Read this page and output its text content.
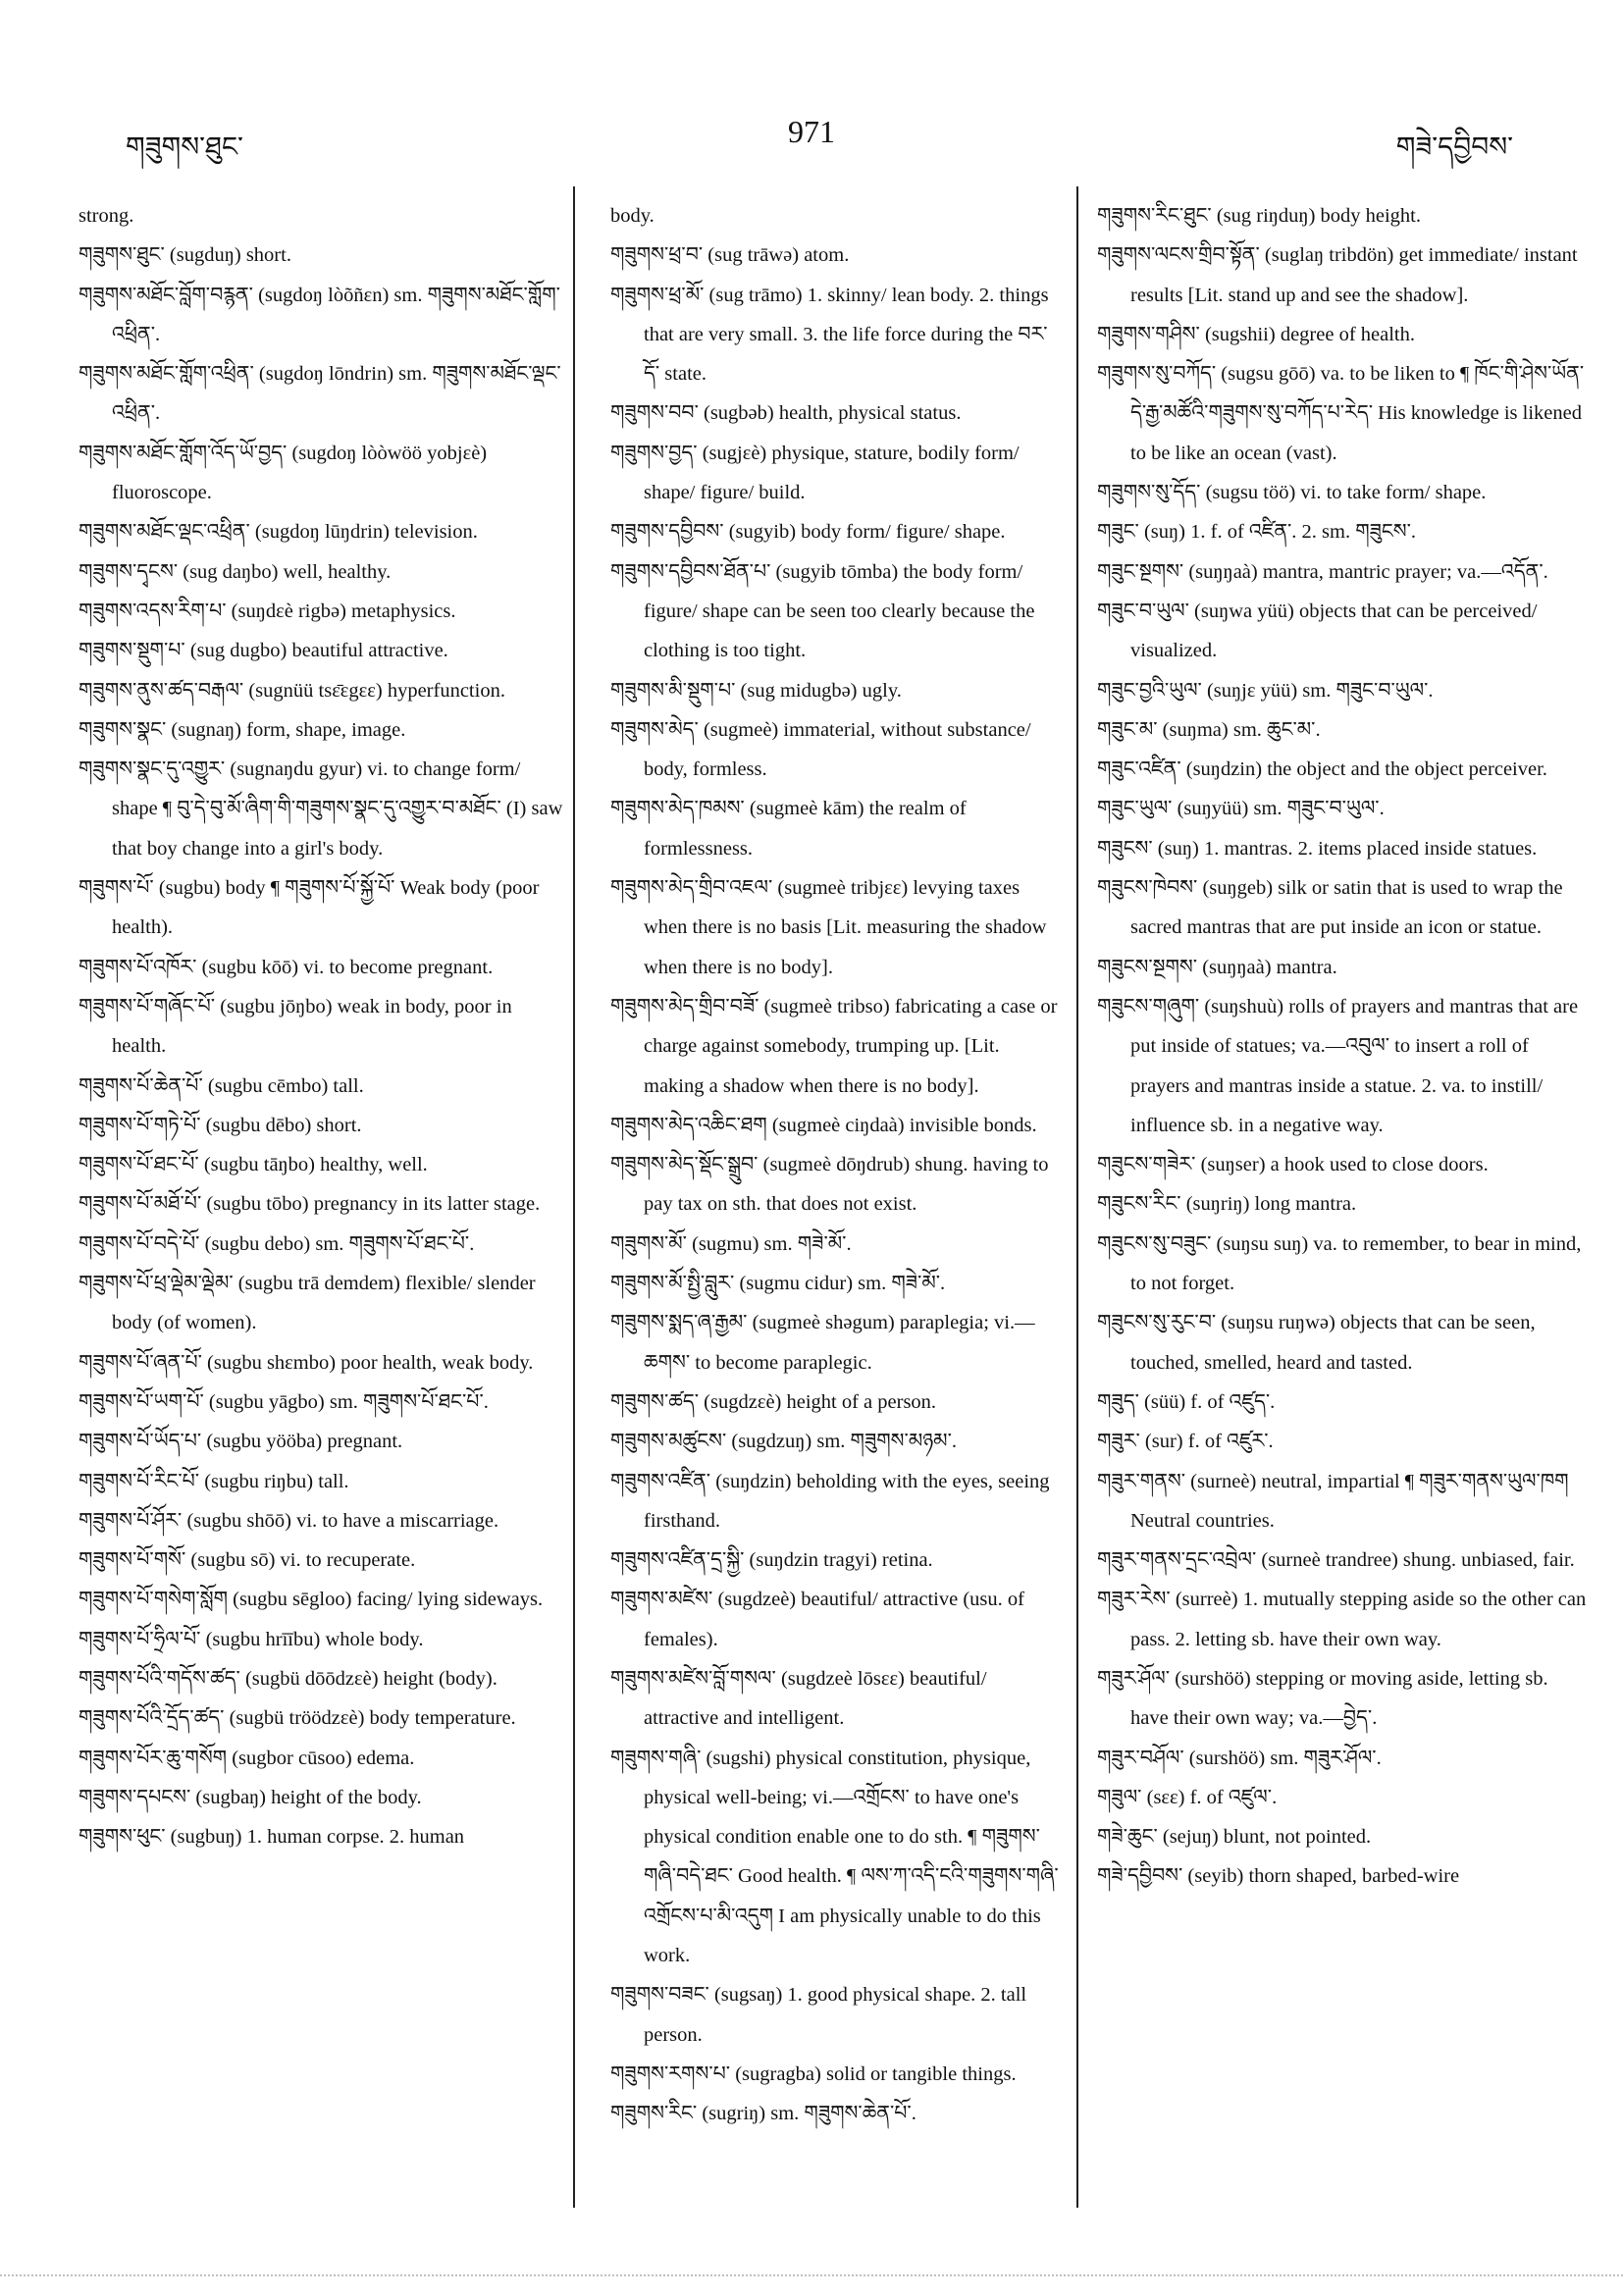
གཟུགས་ཐུང་	971	གཟེ་དབྱིབས་
strong.
གཟུགས་ཐུང་ (sugduŋ) short.
གཟུགས་མཐོང་བློག་བརྙན་ (sugdoŋ lòõñɛn) sm. གཟུགས་མཐོང་གློག་འཕྲིན་.
གཟུགས་མཐོང་གློག་འཕྲིན་ (sugdoŋ lōndrin) sm. གཟུགས་མཐོང་ལྡང་འཕྲིན་.
གཟུགས་མཐོང་གློག་འོད་ཡོ་བྱད་ (sugdoŋ lòòwöö yobjɛè) fluoroscope.
གཟུགས་མཐོང་ལྡང་འཕྲིན་ (sugdoŋ lūŋdrin) television.
གཟུགས་དྭངས་ (sug daŋbo) well, healthy.
གཟུགས་འདས་རིག་པ་ (suŋdɛè rigbə) metaphysics.
གཟུགས་སྡུག་པ་ (sug dugbo) beautiful attractive.
གཟུགས་ནུས་ཚད་བརྒལ་ (sugnüü tsɛ̄ɛgɛɛ) hyperfunction.
གཟུགས་སྣང་ (sugnaŋ) form, shape, image.
གཟུགས་སྣང་དུ་འགྱུར་ (sugnaŋdu gyur) vi. to change form/ shape ¶ བུ་དེ་བུ་མོ་ཞིག་གི་གཟུགས་སྣང་དུ་འགྱུར་བ་མཐོང་ (I) saw that boy change into a girl's body.
གཟུགས་པོ་ (sugbu) body ¶ གཟུགས་པོ་སྐྱོ་པོ་ Weak body (poor health).
གཟུགས་པོ་འཁོར་ (sugbu kōō) vi. to become pregnant.
གཟུགས་པོ་གཞོང་པོ་ (sugbu jōŋbo) weak in body, poor in health.
གཟུགས་པོ་ཆེན་པོ་ (sugbu cēmbo) tall.
གཟུགས་པོ་གཏེ་པོ་ (sugbu dēbo) short.
གཟུགས་པོ་ཐང་པོ་ (sugbu tāŋbo) healthy, well.
གཟུགས་པོ་མཐོ་པོ་ (sugbu tōbo) pregnancy in its latter stage.
གཟུགས་པོ་བདེ་པོ་ (sugbu debo) sm. གཟུགས་པོ་ཐང་པོ་.
གཟུགས་པོ་ཕྲ་ལྡེམ་ལྡེམ་ (sugbu trā demdem) flexible/ slender body (of women).
གཟུགས་པོ་ཞན་པོ་ (sugbu shɛmbo) poor health, weak body.
གཟུགས་པོ་ཡག་པོ་ (sugbu yāgbo) sm. གཟུགས་པོ་ཐང་པོ་.
གཟུགས་པོ་ཡོད་པ་ (sugbu yööba) pregnant.
གཟུགས་པོ་རིང་པོ་ (sugbu riŋbu) tall.
གཟུགས་པོ་ཤོར་ (sugbu shōō) vi. to have a miscarriage.
གཟུགས་པོ་གསོ་ (sugbu sō) vi. to recuperate.
གཟུགས་པོ་གསེག་སློག (sugbu sēgloo) facing/ lying sideways.
གཟུགས་པོ་ཧྲིལ་པོ་ (sugbu hrīību) whole body.
གཟུགས་པོའི་གདོས་ཚད་ (sugbü dōōdzɛè) height (body).
གཟུགས་པོའི་དྲོད་ཚད་ (sugbü tröödzɛè) body temperature.
གཟུགས་པོར་ཆུ་གསོག (sugbor cūsoo) edema.
གཟུགས་དཔངས་ (sugbaŋ) height of the body.
གཟུགས་ཕུང་ (sugbuŋ) 1. human corpse. 2. human
body.
གཟུགས་ཕྲ་བ་ (sug trāwə) atom.
གཟུགས་ཕྲ་མོ་ (sug trāmo) 1. skinny/ lean body. 2. things that are very small. 3. the life force during the བར་དོ་ state.
གཟུགས་བབ་ (sugbəb) health, physical status.
གཟུགས་བྱད་ (sugjɛè) physique, stature, bodily form/ shape/ figure/ build.
གཟུགས་དབྱིབས་ (sugyib) body form/ figure/ shape.
གཟུགས་དབྱིབས་ཐོན་པ་ (sugyib tōmba) the body form/ figure/ shape can be seen too clearly because the clothing is too tight.
གཟུགས་མི་སྡུག་པ་ (sug midugbə) ugly.
གཟུགས་མེད་ (sugmeè) immaterial, without substance/ body, formless.
གཟུགས་མེད་ཁམས་ (sugmeè kām) the realm of formlessness.
གཟུགས་མེད་གྲིབ་འཇལ་ (sugmeè tribjɛɛ) levying taxes when there is no basis [Lit. measuring the shadow when there is no body].
གཟུགས་མེད་གྲིབ་བཟོ་ (sugmeè tribso) fabricating a case or charge against somebody, trumping up. [Lit. making a shadow when there is no body].
གཟུགས་མེད་འཆིང་ཐག (sugmeè ciŋdaà) invisible bonds.
གཟུགས་མེད་སྡོང་སྒྲུབ་ (sugmeè dōŋdrub) shung. having to pay tax on sth. that does not exist.
གཟུགས་མོ་ (sugmu) sm. གཟེ་མོ་.
གཟུགས་མོ་སྤྱི་བླུར་ (sugmu cidur) sm. གཟེ་མོ་.
གཟུགས་སྨད་ཞ་རྒྱམ་ (sugmeè shəgum) paraplegia; vi.—ཆགས་ to become paraplegic.
གཟུགས་ཚད་ (sugdzɛè) height of a person.
གཟུགས་མཚུངས་ (sugdzuŋ) sm. གཟུགས་མཉམ་.
གཟུགས་འཛིན་ (suŋdzin) beholding with the eyes, seeing firsthand.
གཟུགས་འཛིན་དྲ་སྐྱི་ (suŋdzin tragyi) retina.
གཟུགས་མཛེས་ (sugdzeè) beautiful/ attractive (usu. of females).
གཟུགས་མཛེས་བློ་གསལ་ (sugdzeè lōsɛɛ) beautiful/ attractive and intelligent.
གཟུགས་གཞི་ (sugshi) physical constitution, physique, physical well-being; vi.—འགྲོངས་ to have one's physical condition enable one to do sth. ¶ གཟུགས་གཞི་བདེ་ཐང་ Good health. ¶ ལས་ཀ་འདི་ངའི་གཟུགས་གཞི་འགྲོངས་པ་མི་འདུག I am physically unable to do this work.
གཟུགས་བཟང་ (sugsaŋ) 1. good physical shape. 2. tall person.
གཟུགས་རགས་པ་ (sugragba) solid or tangible things.
གཟུགས་རིང་ (sugriŋ) sm. གཟུགས་ཆེན་པོ་.
གཟུགས་རིང་ཐུང་ (sug riŋduŋ) body height.
གཟུགས་ལངས་གྲིབ་སྟོན་ (suglaŋ tribdön) get immediate/ instant results [Lit. stand up and see the shadow].
གཟུགས་གཤིས་ (sugshii) degree of health.
གཟུགས་སུ་བཀོད་ (sugsu gōō) va. to be liken to ¶ ཁོང་གི་ཤེས་ཡོན་དེ་རྒྱ་མཚོའི་གཟུགས་སུ་བཀོད་པ་རེད་ His knowledge is likened to be like an ocean (vast).
གཟུགས་སུ་དོད་ (sugsu töö) vi. to take form/ shape.
གཟུང་ (suŋ) 1. f. of འཛིན་. 2. sm. གཟུངས་.
གཟུང་སྔགས་ (suŋŋaà) mantra, mantric prayer; va.—འདོན་.
གཟུང་བ་ཡུལ་ (suŋwa yüü) objects that can be perceived/ visualized.
གཟུང་བྱའི་ཡུལ་ (suŋjɛ yüü) sm. གཟུང་བ་ཡུལ་.
གཟུང་མ་ (suŋma) sm. ཆུང་མ་.
གཟུང་འཛིན་ (suŋdzin) the object and the object perceiver.
གཟུང་ཡུལ་ (suŋyüü) sm. གཟུང་བ་ཡུལ་.
གཟུངས་ (suŋ) 1. mantras. 2. items placed inside statues.
གཟུངས་ཁེབས་ (suŋgeb) silk or satin that is used to wrap the sacred mantras that are put inside an icon or statue.
གཟུངས་སྔགས་ (suŋŋaà) mantra.
གཟུངས་གཞུག་ (suŋshuù) rolls of prayers and mantras that are put inside of statues; va.—འབུལ་ to insert a roll of prayers and mantras inside a statue. 2. va. to instill/ influence sb. in a negative way.
གཟུངས་གཟེར་ (suŋser) a hook used to close doors.
གཟུངས་རིང་ (suŋriŋ) long mantra.
གཟུངས་སུ་བཟུང་ (suŋsu suŋ) va. to remember, to bear in mind, to not forget.
གཟུངས་སུ་རུང་བ་ (suŋsu ruŋwə) objects that can be seen, touched, smelled, heard and tasted.
གཟུད་ (süü) f. of འཛུད་.
གཟུར་ (sur) f. of འཛུར་.
གཟུར་གནས་ (surneè) neutral, impartial ¶ གཟུར་གནས་ཡུལ་ཁག Neutral countries.
གཟུར་གནས་དྲང་འབྲེལ་ (surneè trandree) shung. unbiased, fair.
གཟུར་རེས་ (surreè) 1. mutually stepping aside so the other can pass. 2. letting sb. have their own way.
གཟུར་ཤོལ་ (surshöö) stepping or moving aside, letting sb. have their own way; va.—བྱེད་.
གཟུར་བཤོལ་ (surshöö) sm. གཟུར་ཤོལ་.
གཟུལ་ (sɛɛ) f. of འཛུལ་.
གཟེ་ཆུང་ (sejuŋ) blunt, not pointed.
གཟེ་དབྱིབས་ (seyib) thorn shaped, barbed-wire
